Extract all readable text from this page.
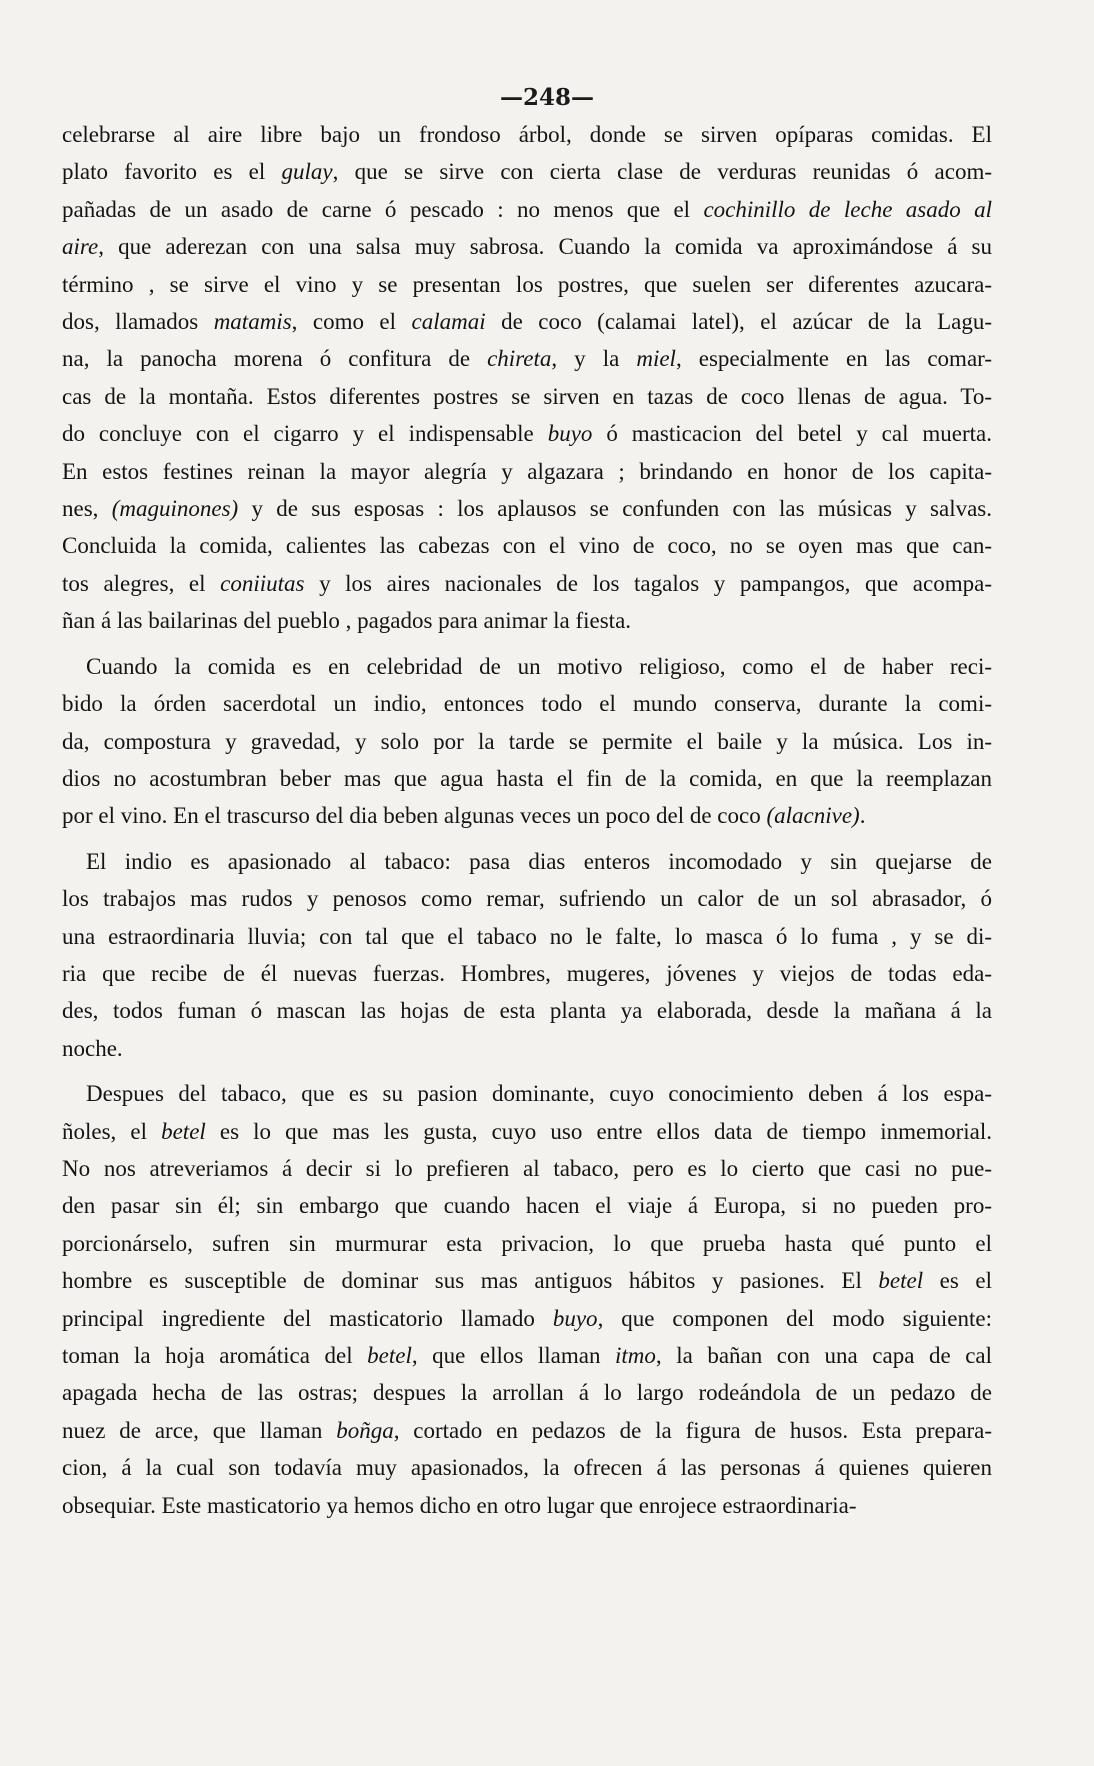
—248—
celebrarse al aire libre bajo un frondoso árbol, donde se sirven opíparas comidas. El
plato favorito es el gulay, que se sirve con cierta clase de verduras reunidas ó acom-
pañadas de un asado de carne ó pescado : no menos que el cochinillo de leche asado al
aire, que aderezan con una salsa muy sabrosa. Cuando la comida va aproximándose á su
término , se sirve el vino y se presentan los postres, que suelen ser diferentes azucara-
dos, llamados matamis, como el calamai de coco (calamai latel), el azúcar de la Lagu-
na, la panocha morena ó confitura de chireta, y la miel, especialmente en las comar-
cas de la montaña. Estos diferentes postres se sirven en tazas de coco llenas de agua. To-
do concluye con el cigarro y el indispensable buyo ó masticacion del betel y cal muerta.
En estos festines reinan la mayor alegría y algazara ; brindando en honor de los capita-
nes, (maguinones) y de sus esposas : los aplausos se confunden con las músicas y salvas.
Concluida la comida, calientes las cabezas con el vino de coco, no se oyen mas que can-
tos alegres, el coniiutas y los aires nacionales de los tagalos y pampangos, que acompa-
ñan á las bailarinas del pueblo , pagados para animar la fiesta.
Cuando la comida es en celebridad de un motivo religioso, como el de haber reci-
bido la órden sacerdotal un indio, entonces todo el mundo conserva, durante la comi-
da, compostura y gravedad, y solo por la tarde se permite el baile y la música. Los in-
dios no acostumbran beber mas que agua hasta el fin de la comida, en que la reemplazan
por el vino. En el trascurso del dia beben algunas veces un poco del de coco (alacnive).
El indio es apasionado al tabaco: pasa dias enteros incomodado y sin quejarse de
los trabajos mas rudos y penosos como remar, sufriendo un calor de un sol abrasador, ó
una estraordinaria lluvia; con tal que el tabaco no le falte, lo masca ó lo fuma , y se di-
ria que recibe de él nuevas fuerzas. Hombres, mugeres, jóvenes y viejos de todas eda-
des, todos fuman ó mascan las hojas de esta planta ya elaborada, desde la mañana á la
noche.
Despues del tabaco, que es su pasion dominante, cuyo conocimiento deben á los espa-
ñoles, el betel es lo que mas les gusta, cuyo uso entre ellos data de tiempo inmemorial.
No nos atreveriamos á decir si lo prefieren al tabaco, pero es lo cierto que casi no pue-
den pasar sin él; sin embargo que cuando hacen el viaje á Europa, si no pueden pro-
porcionárselo, sufren sin murmurar esta privacion, lo que prueba hasta qué punto el
hombre es susceptible de dominar sus mas antiguos hábitos y pasiones. El betel es el
principal ingrediente del masticatorio llamado buyo, que componen del modo siguiente:
toman la hoja aromática del betel, que ellos llaman itmo, la bañan con una capa de cal
apagada hecha de las ostras; despues la arrollan á lo largo rodeándola de un pedazo de
nuez de arce, que llaman boñga, cortado en pedazos de la figura de husos. Esta prepara-
cion, á la cual son todavía muy apasionados, la ofrecen á las personas á quienes quieren
obsequiar. Este masticatorio ya hemos dicho en otro lugar que enrojece estraordinaria-
